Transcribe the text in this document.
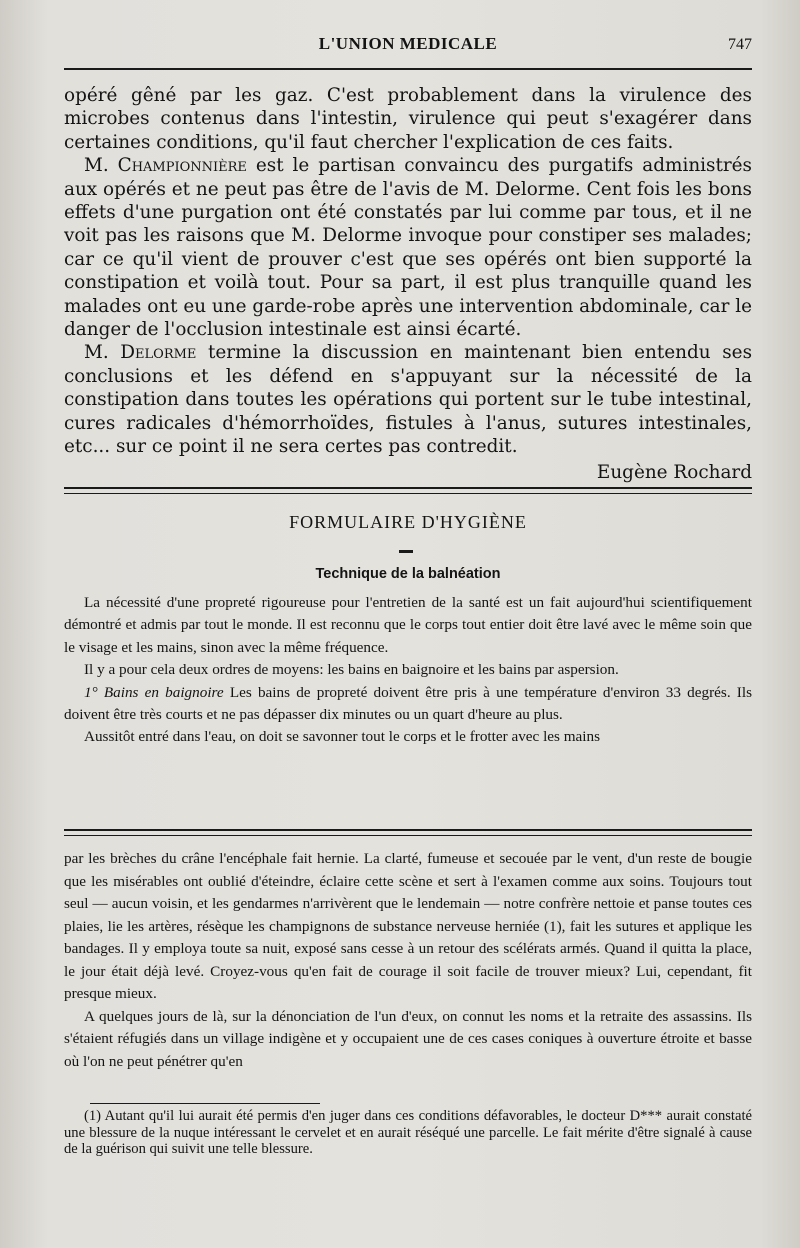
L'UNION MEDICALE	747

opéré gêné par les gaz. C'est probablement dans la virulence des microbes contenus dans l'intestin, virulence qui peut s'exagérer dans certaines conditions, qu'il faut chercher l'explication de ces faits.

M. Championnière est le partisan convaincu des purgatifs administrés aux opérés et ne peut pas être de l'avis de M. Delorme. Cent fois les bons effets d'une purgation ont été constatés par lui comme par tous, et il ne voit pas les raisons que M. Delorme invoque pour constiper ses malades; car ce qu'il vient de prouver c'est que ses opérés ont bien supporté la constipation et voilà tout. Pour sa part, il est plus tranquille quand les malades ont eu une garde-robe après une intervention abdominale, car le danger de l'occlusion intestinale est ainsi écarté.

M. Delorme termine la discussion en maintenant bien entendu ses conclusions et les défend en s'appuyant sur la nécessité de la constipation dans toutes les opérations qui portent sur le tube intestinal, cures radicales d'hémorrhoïdes, fistules à l'anus, sutures intestinales, etc... sur ce point il ne sera certes pas contredit.

Eugène Rochard

FORMULAIRE D'HYGIÈNE
Technique de la balnéation

La nécessité d'une propreté rigoureuse pour l'entretien de la santé est un fait aujourd'hui scientifiquement démontré et admis par tout le monde. Il est reconnu que le corps tout entier doit être lavé avec le même soin que le visage et les mains, sinon avec la même fréquence.

Il y a pour cela deux ordres de moyens: les bains en baignoire et les bains par aspersion.

1° Bains en baignoire Les bains de propreté doivent être pris à une température d'environ 33 degrés. Ils doivent être très courts et ne pas dépasser dix minutes ou un quart d'heure au plus.

Aussitôt entré dans l'eau, on doit se savonner tout le corps et le frotter avec les mains

par les brèches du crâne l'encéphale fait hernie. La clarté, fumeuse et secouée par le vent, d'un reste de bougie que les misérables ont oublié d'éteindre, éclaire cette scène et sert à l'examen comme aux soins. Toujours tout seul — aucun voisin, et les gendarmes n'arrivèrent que le lendemain — notre confrère nettoie et panse toutes ces plaies, lie les artères, résèque les champignons de substance nerveuse herniée (1), fait les sutures et applique les bandages. Il y employa toute sa nuit, exposé sans cesse à un retour des scélérats armés. Quand il quitta la place, le jour était déjà levé. Croyez-vous qu'en fait de courage il soit facile de trouver mieux? Lui, cependant, fit presque mieux.

A quelques jours de là, sur la dénonciation de l'un d'eux, on connut les noms et la retraite des assassins. Ils s'étaient réfugiés dans un village indigène et y occupaient une de ces cases coniques à ouverture étroite et basse où l'on ne peut pénétrer qu'en

(1) Autant qu'il lui aurait été permis d'en juger dans ces conditions défavorables, le docteur D*** aurait constaté une blessure de la nuque intéressant le cervelet et en aurait réséqué une parcelle. Le fait mérite d'être signalé à cause de la guérison qui suivit une telle blessure.
